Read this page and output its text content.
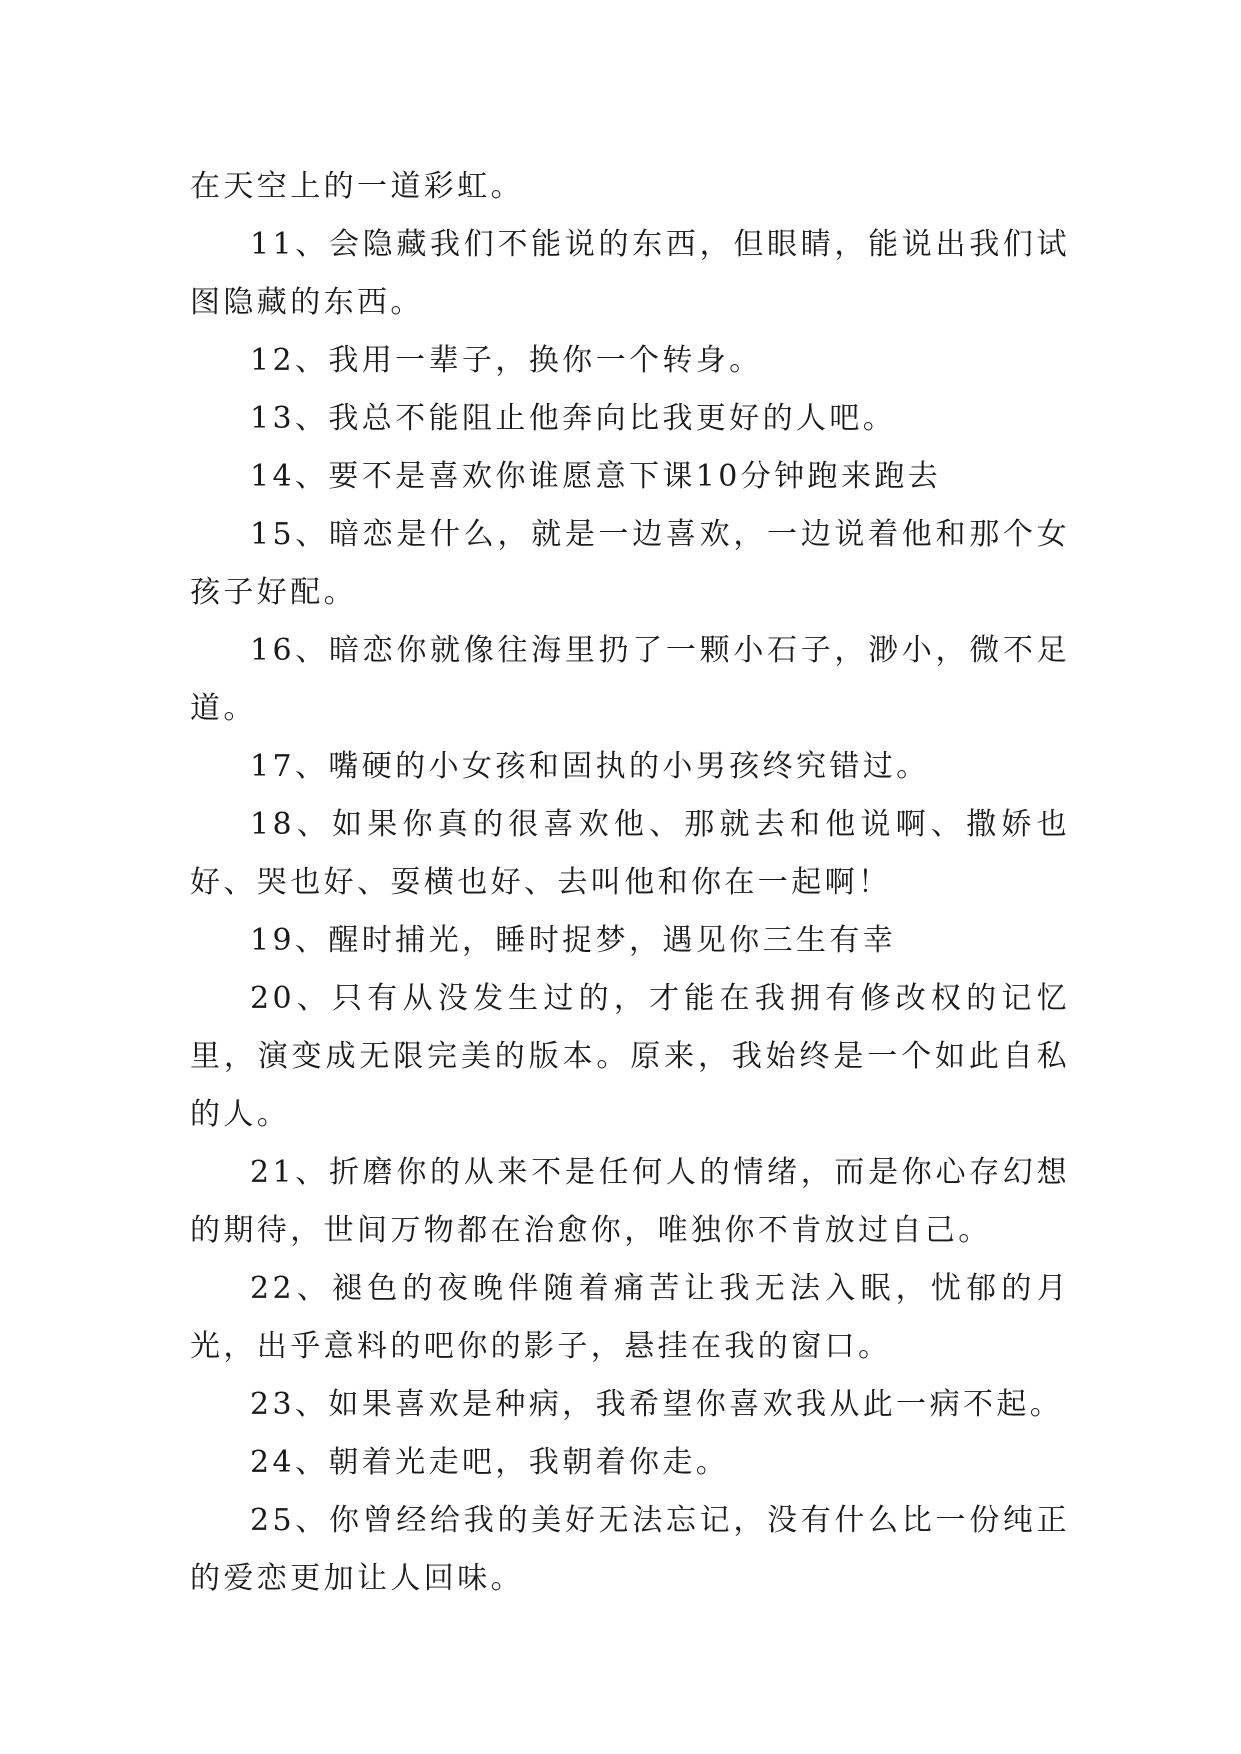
在天空上的一道彩虹。

11、会隐藏我们不能说的东西，但眼睛，能说出我们试图隐藏的东西。

12、我用一辈子，换你一个转身。

13、我总不能阻止他奔向比我更好的人吧。

14、要不是喜欢你谁愿意下课10分钟跑来跑去

15、暗恋是什么，就是一边喜欢，一边说着他和那个女孩子好配。

16、暗恋你就像往海里扔了一颗小石子，渺小，微不足道。

17、嘴硬的小女孩和固执的小男孩终究错过。

18、如果你真的很喜欢他、那就去和他说啊、撒娇也好、哭也好、耍横也好、去叫他和你在一起啊！

19、醒时捕光，睡时捉梦，遇见你三生有幸

20、只有从没发生过的，才能在我拥有修改权的记忆里，演变成无限完美的版本。原来，我始终是一个如此自私的人。

21、折磨你的从来不是任何人的情绪，而是你心存幻想的期待，世间万物都在治愈你，唯独你不肯放过自己。

22、褪色的夜晚伴随着痛苦让我无法入眠，忧郁的月光，出乎意料的吧你的影子，悬挂在我的窗口。

23、如果喜欢是种病，我希望你喜欢我从此一病不起。

24、朝着光走吧，我朝着你走。

25、你曾经给我的美好无法忘记，没有什么比一份纯正的爱恋更加让人回味。
